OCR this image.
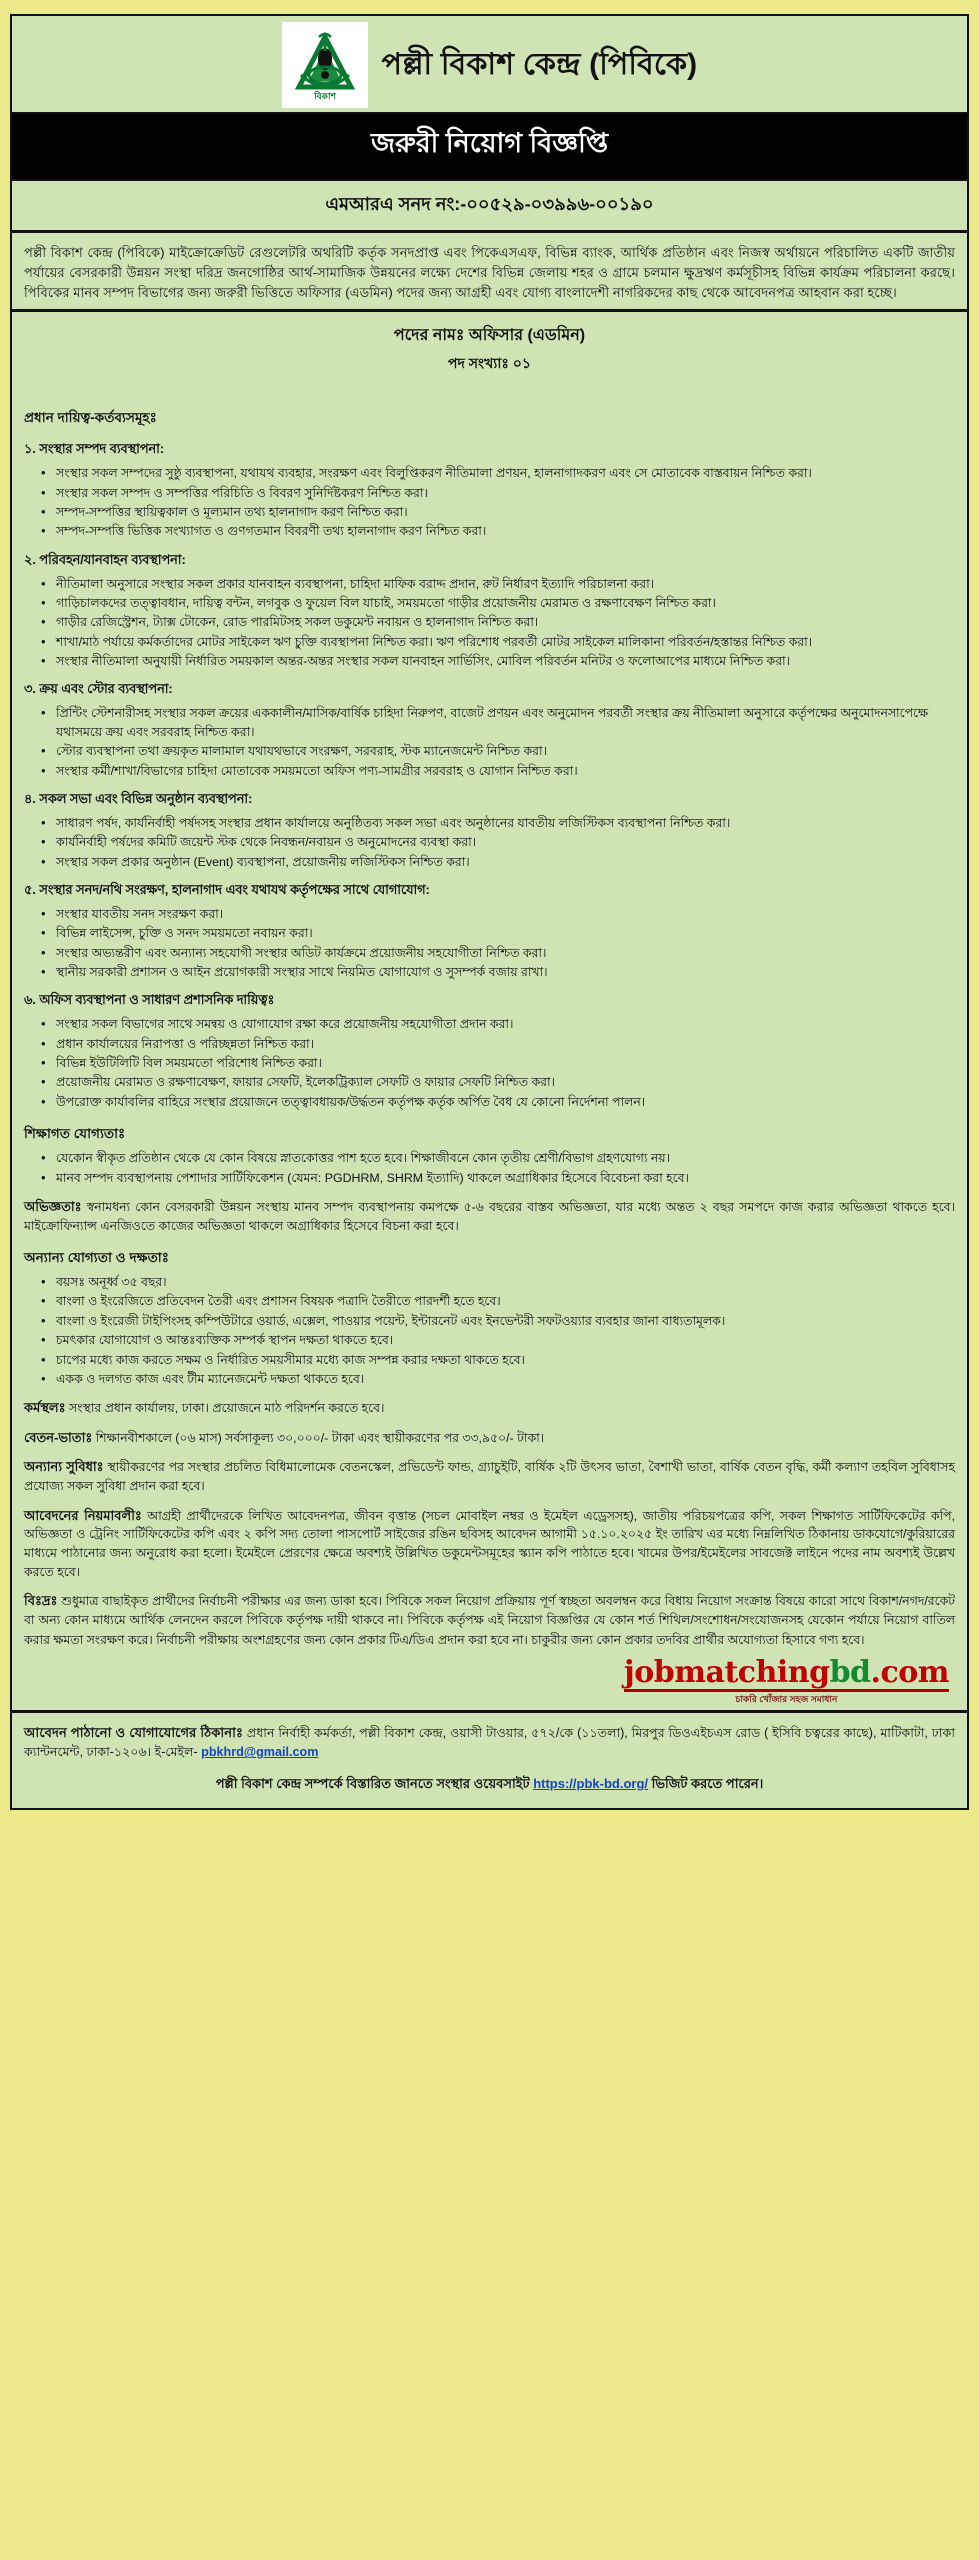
বিকাশ
পল্লী বিকাশ কেন্দ্র (পিবিকে)
জরুরী নিয়োগ বিজ্ঞপ্তি
এমআরএ সনদ নং:-০০৫২৯-০৩৯৯৬-০০১৯০

পল্লী বিকাশ কেন্দ্র (পিবিকে) মাইক্রোক্রেডিট রেগুলেটরি অথরিটি কর্তৃক সনদপ্রাপ্ত এবং পিকেএসএফ, বিভিন্ন ব্যাংক, আর্থিক প্রতিষ্ঠান এবং নিজস্ব অর্থায়নে পরিচালিত একটি জাতীয় পর্যায়ের বেসরকারী উন্নয়ন সংস্থা দরিদ্র জনগোষ্ঠির আর্থ-সামাজিক উন্নয়নের লক্ষ্যে দেশের বিভিন্ন জেলায় শহর ও গ্রামে চলমান ক্ষুদ্রঋণ কর্মসূচীসহ বিভিন্ন কার্যক্রম পরিচালনা করছে। পিবিকের মানব সম্পদ বিভাগের জন্য জরুরী ভিত্তিতে অফিসার (এডমিন) পদের জন্য আগ্রহী এবং যোগ্য বাংলাদেশী নাগরিকদের কাছ থেকে আবেদনপত্র আহবান করা হচ্ছে।

পদের নামঃ অফিসার (এডমিন)
পদ সংখ্যাঃ ০১
প্রধান দায়িত্ব-কর্তব্যসমূহঃ
১. সংস্থার সম্পদ ব্যবস্থাপনা:
• সংস্থার সকল সম্পদের সুষ্ঠু ব্যবস্থাপনা, যথাযথ ব্যবহার, সংরক্ষণ এবং বিলুপ্তিকরণ নীতিমালা প্রণয়ন, হালনাগাদকরণ এবং সে মোতাবেক বাস্তবায়ন নিশ্চিত করা।
• সংস্থার সকল সম্পদ ও সম্পত্তির পরিচিতি ও বিবরণ সুনির্দিষ্টকরণ নিশ্চিত করা।
• সম্পদ-সম্পত্তির স্থায়িত্বকাল ও মূল্যমান তথ্য হালনাগাদ করণ নিশ্চিত করা।
• সম্পদ-সম্পত্তি ভিত্তিক সংখ্যাগত ও গুণগতমান বিবরণী তথ্য হালনাগাদ করণ নিশ্চিত করা।
২. পরিবহন/যানবাহন ব্যবস্থাপনা:
• নীতিমালা অনুসারে সংস্থার সকল প্রকার যানবাহন ব্যবস্থাপনা, চাহিদা মাফিক বরাদ্দ প্রদান, রুট নির্ধারণ ইত্যাদি পরিচালনা করা।
• গাড়িচালকদের তত্ত্বাবধান, দায়িত্ব বন্টন, লগবুক ও ফুয়েল বিল যাচাই, সময়মতো গাড়ীর প্রয়োজনীয় মেরামত ও রক্ষণাবেক্ষণ নিশ্চিত করা।
• গাড়ীর রেজিস্ট্রেশন, ট্যাক্স টোকেন, রোড পারমিটসহ সকল ডকুমেন্ট নবায়ন ও হালনাগাদ নিশ্চিত করা।
• শাখা/মাঠ পর্যায়ে কর্মকর্তাদের মোটর সাইকেল ঋণ চুক্তি ব্যবস্থাপনা নিশ্চিত করা। ঋণ পরিশোধ পরবর্তী মোটর সাইকেল মালিকানা পরিবর্তন/হস্তান্তর নিশ্চিত করা।
• সংস্থার নীতিমালা অনুযায়ী নির্ধারিত সময়কাল অন্তর-অন্তর সংস্থার সকল যানবাহন সার্ভিসিং, মোবিল পরিবর্তন মনিটর ও ফলোআপের মাধ্যমে নিশ্চিত করা।
৩. ক্রয় এবং স্টোর ব্যবস্থাপনা:
• প্রিন্টিং স্টেশনারীসহ সংস্থার সকল ক্রয়ের এককালীন/মাসিক/বার্ষিক চাহিদা নিরুপণ, বাজেট প্রণয়ন এবং অনুমোদন পরবর্তী সংস্থার ক্রয় নীতিমালা অনুসারে কর্তৃপক্ষের অনুমোদনসাপেক্ষে যথাসময়ে ক্রয় এবং সরবরাহ নিশ্চিত করা।
• স্টোর ব্যবস্থাপনা তথা ক্রয়কৃত মালামাল যথাযথভাবে সংরক্ষণ, সরবরাহ, স্টক ম্যানেজমেন্ট নিশ্চিত করা।
• সংস্থার কর্মী/শাখা/বিভাগের চাহিদা মোতাবেক সময়মতো অফিস পণ্য-সামগ্রীর সরবরাহ ও যোগান নিশ্চিত করা।
৪. সকল সভা এবং বিভিন্ন অনুষ্ঠান ব্যবস্থাপনা:
• সাধারণ পর্ষদ, কার্যনির্বাহী পর্ষদসহ সংস্থার প্রধান কার্যালয়ে অনুষ্ঠিতব্য সকল সভা এবং অনুষ্ঠানের যাবতীয় লজিস্টিকস ব্যবস্থাপনা নিশ্চিত করা।
• কার্যনির্বাহী পর্ষদের কমিটি জয়েন্ট স্টক থেকে নিবন্ধন/নবায়ন ও অনুমোদনের ব্যবস্থা করা।
• সংস্থার সকল প্রকার অনুষ্ঠান (Event) ব্যবস্থাপনা, প্রয়োজনীয় লজিস্টিকস নিশ্চিত করা।
৫. সংস্থার সনদ/নথি সংরক্ষণ, হালনাগাদ এবং যথাযথ কর্তৃপক্ষের সাথে যোগাযোগ:
• সংস্থার যাবতীয় সনদ সংরক্ষণ করা।
• বিভিন্ন লাইসেন্স, চুক্তি ও সনদ সময়মতো নবায়ন করা।
• সংস্থার অভ্যন্তরীণ এবং অন্যান্য সহযোগী সংস্থার অডিট কার্যক্রমে প্রয়োজনীয় সহযোগীতা নিশ্চিত করা।
• স্থানীয় সরকারী প্রশাসন ও আইন প্রয়োগকারী সংস্থার সাথে নিয়মিত যোগাযোগ ও সুসম্পর্ক বজায় রাখা।
৬. অফিস ব্যবস্থাপনা ও সাধারণ প্রশাসনিক দায়িত্বঃ
• সংস্থার সকল বিভাগের সাথে সমন্বয় ও যোগাযোগ রক্ষা করে প্রয়োজনীয় সহযোগীতা প্রদান করা।
• প্রধান কার্যালয়ের নিরাপত্তা ও পরিচ্ছন্নতা নিশ্চিত করা।
• বিভিন্ন ইউটিলিটি বিল সময়মতো পরিশোধ নিশ্চিত করা।
• প্রয়োজনীয় মেরামত ও রক্ষণাবেক্ষণ, ফায়ার সেফটি, ইলেকট্রিক্যাল সেফটি ও ফায়ার সেফটি নিশ্চিত করা।
• উপরোক্ত কার্যাবলির বাহিরে সংস্থার প্রয়োজনে তত্ত্বাবধায়ক/উর্দ্ধতন কর্তৃপক্ষ কর্তৃক অর্পিত বৈধ যে কোনো নির্দেশনা পালন।
শিক্ষাগত যোগ্যতাঃ
• যেকোন স্বীকৃত প্রতিষ্ঠান থেকে যে কোন বিষয়ে স্নাতকোত্তর পাশ হতে হবে। শিক্ষাজীবনে কোন তৃতীয় শ্রেণী/বিভাগ গ্রহণযোগ্য নয়।
• মানব সম্পদ ব্যবস্থাপনায় পেশাদার সার্টিফিকেশন (যেমন: PGDHRM, SHRM ইত্যাদি) থাকলে অগ্রাধিকার হিসেবে বিবেচনা করা হবে।

অভিজ্ঞতাঃ স্বনামধন্য কোন বেসরকারী উন্নয়ন সংস্থায় মানব সম্পদ ব্যবস্থাপনায় কমপক্ষে ৫-৬ বছরের বাস্তব অভিজ্ঞতা, যার মধ্যে অন্তত ২ বছর সমপদে কাজ করার অভিজ্ঞতা থাকতে হবে। মাইক্রোফিন্যান্স এনজিওতে কাজের অভিজ্ঞতা থাকলে অগ্রাধিকার হিসেবে বিচনা করা হবে।

অন্যান্য যোগ্যতা ও দক্ষতাঃ
• বয়সঃ অনূর্ধ্ব ৩৫ বছর।
• বাংলা ও ইংরেজিতে প্রতিবেদন তৈরী এবং প্রশাসন বিষয়ক পত্রাদি তৈরীতে পারদর্শী হতে হবে।
• বাংলা ও ইংরেজী টাইপিংসহ কম্পিউটারে ওয়ার্ড, এক্সেল, পাওয়ার পয়েন্ট, ইন্টারনেট এবং ইনভেন্টরী সফটওয়্যার ব্যবহার জানা বাধ্যতামূলক।
• চমৎকার যোগাযোগ ও আন্তঃব্যক্তিক সম্পর্ক স্থাপন দক্ষতা থাকতে হবে।
• চাপের মধ্যে কাজ করতে সক্ষম ও নির্ধারিত সময়সীমার মধ্যে কাজ সম্পন্ন করার দক্ষতা থাকতে হবে।
• একক ও দলগত কাজ এবং টীম ম্যানেজমেন্ট দক্ষতা থাকতে হবে।

কর্মস্থলঃ সংস্থার প্রধান কার্যালয়, ঢাকা। প্রয়োজনে মাঠ পরিদর্শন করতে হবে।

বেতন-ভাতাঃ শিক্ষানবীশকালে (০৬ মাস) সর্বসাকূল্য ৩০,০০০/- টাকা এবং স্থায়ীকরণের পর ৩৩,৯৫০/- টাকা।

অন্যান্য সুবিধাঃ স্থায়ীকরণের পর সংস্থার প্রচলিত বিধিমালোমেক বেতনস্কেল, প্রভিডেন্ট ফান্ড, গ্র্যাচুইটি, বার্ষিক ২টি উৎসব ভাতা, বৈশাখী ভাতা, বার্ষিক বেতন বৃদ্ধি, কর্মী কল্যাণ তহবিল সুবিধাসহ প্রযোজ্য সকল সুবিধা প্রদান করা হবে।

আবেদনের নিয়মাবলীঃ আগ্রহী প্রার্থীদেরকে লিখিত আবেদনপত্র, জীবন বৃত্তান্ত (সচল মোবাইল নম্বর ও ইমেইল এড্রেসসহ), জাতীয় পরিচয়পত্রের কপি, সকল শিক্ষাগত সার্টিফিকেটের কপি, অভিজ্ঞতা ও ট্রেনিং সার্টিফিকেটের কপি এবং ২ কপি সদ্য তোলা পাসপোর্ট সাইজের রঙিন ছবিসহ আবেদন আগামী ১৫.১০.২০২৫ ইং তারিখ এর মধ্যে নিম্নলিখিত ঠিকানায় ডাকযোগে/কুরিয়ারের মাধ্যমে পাঠানোর জন্য অনুরোধ করা হলো। ইমেইলে প্রেরণের ক্ষেত্রে অবশ্যই উল্লিখিত ডকুমেন্টসমূহের স্ক্যান কপি পাঠাতে হবে। খামের উপর/ইমেইলের সাবজেক্ট লাইনে পদের নাম অবশ্যই উল্লেখ করতে হবে।

বিঃদ্রঃ শুধুমাত্র বাছাইকৃত প্রার্থীদের নির্বাচনী পরীক্ষার এর জন্য ডাকা হবে। পিবিকে সকল নিয়োগ প্রক্রিয়ায় পূর্ণ স্বচ্ছতা অবলম্বন করে বিধায় নিয়োগ সংক্রান্ত বিষয়ে কারো সাথে বিকাশ/নগদ/রকেট বা অন্য কোন মাধ্যমে আর্থিক লেনদেন করলে পিবিকে কর্তৃপক্ষ দায়ী থাকবে না। পিবিকে কর্তৃপক্ষ এই নিয়োগ বিজ্ঞপ্তির যে কোন শর্ত শিথিল/সংশোধন/সংযোজনসহ যেকোন পর্যায়ে নিয়োগ বাতিল করার ক্ষমতা সংরক্ষণ করে। নির্বাচনী পরীক্ষায় অংশগ্রহণের জন্য কোন প্রকার টিএ/ডিএ প্রদান করা হবে না। চাকুরীর জন্য কোন প্রকার তদবির প্রার্থীর অযোগ্যতা হিসাবে গণ্য হবে।

jobmatchingbd.com
চাকরি খোঁজার সহজ সমাধান

আবেদন পাঠানো ও যোগাযোগের ঠিকানাঃ প্রধান নির্বাহী কর্মকর্তা, পল্লী বিকাশ কেন্দ্র, ওয়াসী টাওয়ার, ৫৭২/কে (১১তলা), মিরপুর ডিওএইচএস রোড ( ইসিবি চত্বরের কাছে), মাটিকাটা, ঢাকা ক্যান্টনমেন্ট, ঢাকা-১২০৬। ই-মেইল- pbkhrd@gmail.com

পল্লী বিকাশ কেন্দ্র সম্পর্কে বিস্তারিত জানতে সংস্থার ওয়েবসাইট https://pbk-bd.org/ ভিজিট করতে পারেন।
